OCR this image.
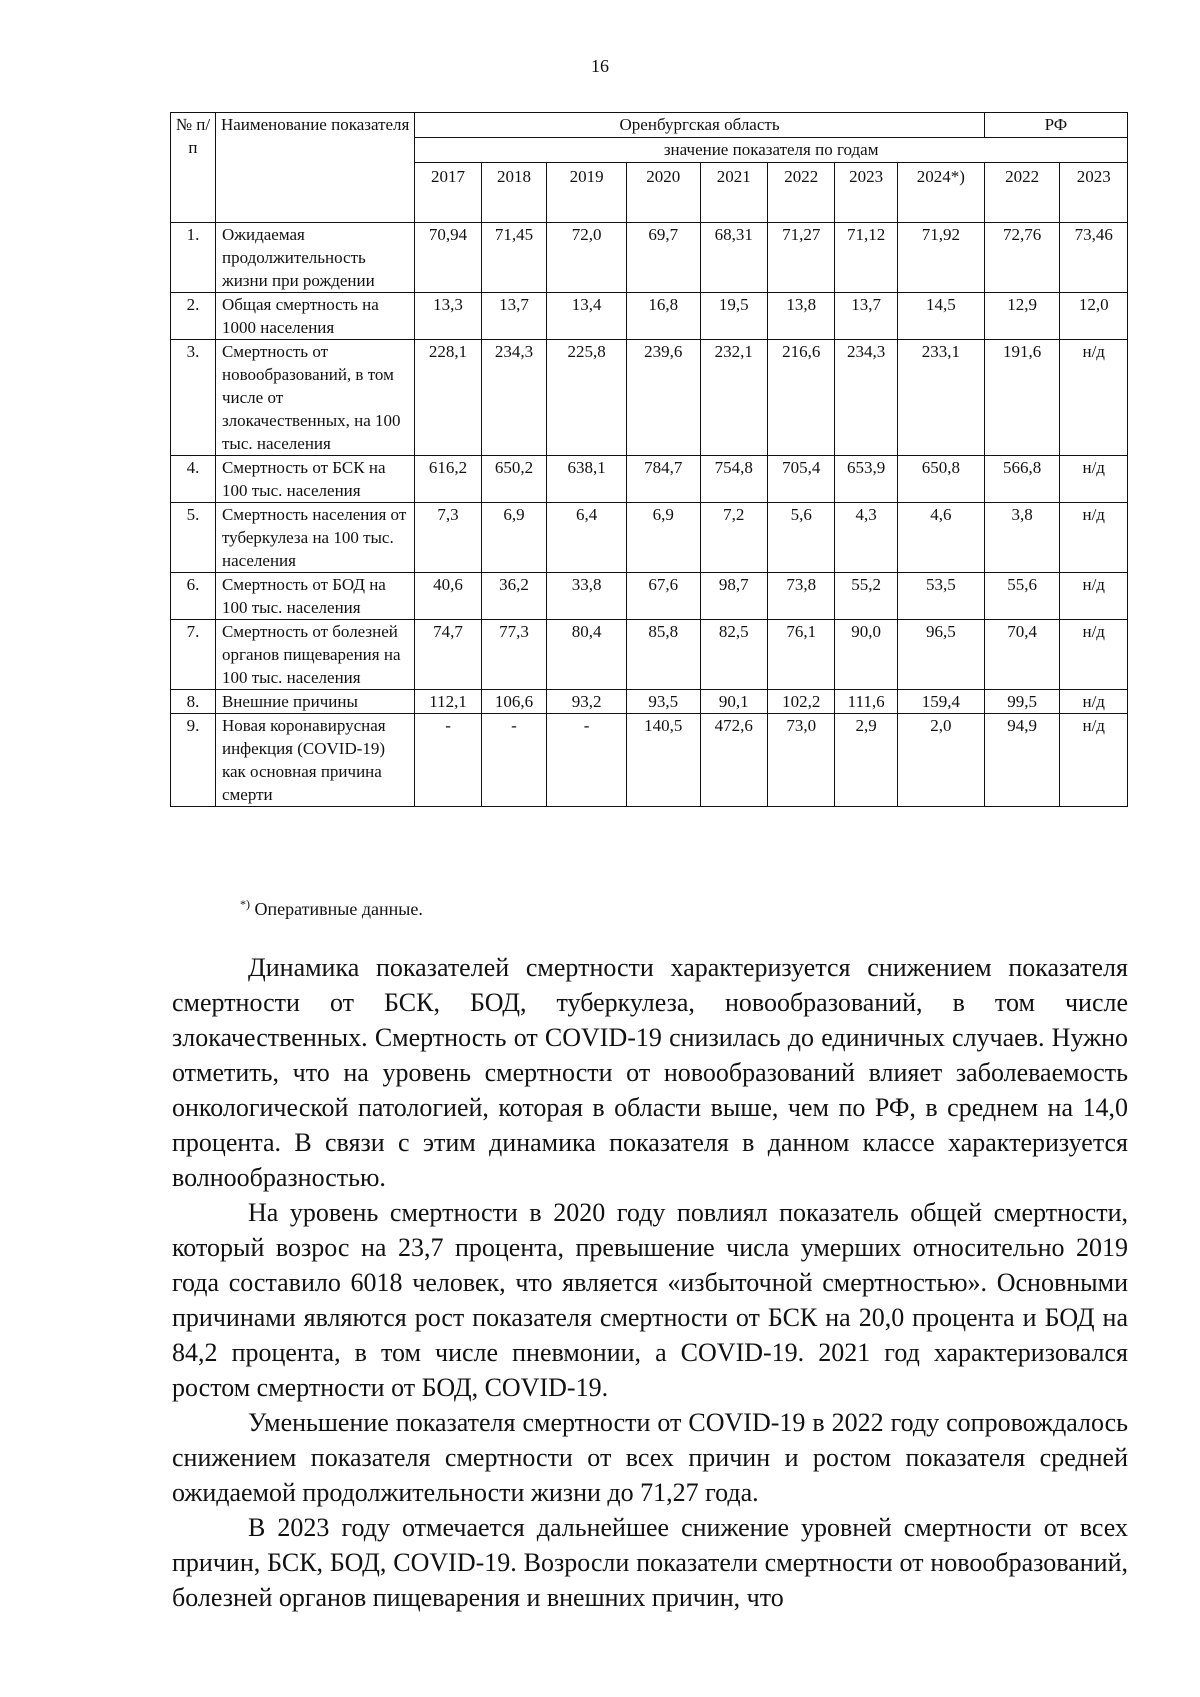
16
№ п/п	Наименование показателя	Оренбургская область								РФ	
		значение показателя по годам									
		2017	2018	2019	2020	2021	2022	2023	2024*)	2022	2023
1.	Ожидаемая продолжительность жизни при рождении	70,94	71,45	72,0	69,7	68,31	71,27	71,12	71,92	72,76	73,46
2.	Общая смертность на 1000 населения	13,3	13,7	13,4	16,8	19,5	13,8	13,7	14,5	12,9	12,0
3.	Смертность от новообразований, в том числе от злокачественных, на 100 тыс. населения	228,1	234,3	225,8	239,6	232,1	216,6	234,3	233,1	191,6	н/д
4.	Смертность от БСК на 100 тыс. населения	616,2	650,2	638,1	784,7	754,8	705,4	653,9	650,8	566,8	н/д
5.	Смертность населения от туберкулеза на 100 тыс. населения	7,3	6,9	6,4	6,9	7,2	5,6	4,3	4,6	3,8	н/д
6.	Смертность от БОД на 100 тыс. населения	40,6	36,2	33,8	67,6	98,7	73,8	55,2	53,5	55,6	н/д
7.	Смертность от болезней органов пищеварения на 100 тыс. населения	74,7	77,3	80,4	85,8	82,5	76,1	90,0	96,5	70,4	н/д
8.	Внешние причины	112,1	106,6	93,2	93,5	90,1	102,2	111,6	159,4	99,5	н/д
9.	Новая коронавирусная инфекция (COVID-19) как основная причина смерти	-	-	-	140,5	472,6	73,0	2,9	2,0	94,9	н/д
*) Оперативные данные.

Динамика показателей смертности характеризуется снижением показателя смертности от БСК, БОД, туберкулеза, новообразований, в том числе злокачественных. Смертность от COVID-19 снизилась до единичных случаев. Нужно отметить, что на уровень смертности от новообразований влияет заболеваемость онкологической патологией, которая в области выше, чем по РФ, в среднем на 14,0 процента. В связи с этим динамика показателя в данном классе характеризуется волнообразностью.

На уровень смертности в 2020 году повлиял показатель общей смертности, который возрос на 23,7 процента, превышение числа умерших относительно 2019 года составило 6018 человек, что является «избыточной смертностью». Основными причинами являются рост показателя смертности от БСК на 20,0 процента и БОД на 84,2 процента, в том числе пневмонии, а COVID-19. 2021 год характеризовался ростом смертности от БОД, COVID-19.

Уменьшение показателя смертности от COVID-19 в 2022 году сопровождалось снижением показателя смертности от всех причин и ростом показателя средней ожидаемой продолжительности жизни до 71,27 года.

В 2023 году отмечается дальнейшее снижение уровней смертности от всех причин, БСК, БОД, COVID-19. Возросли показатели смертности от новообразований, болезней органов пищеварения и внешних причин, что
